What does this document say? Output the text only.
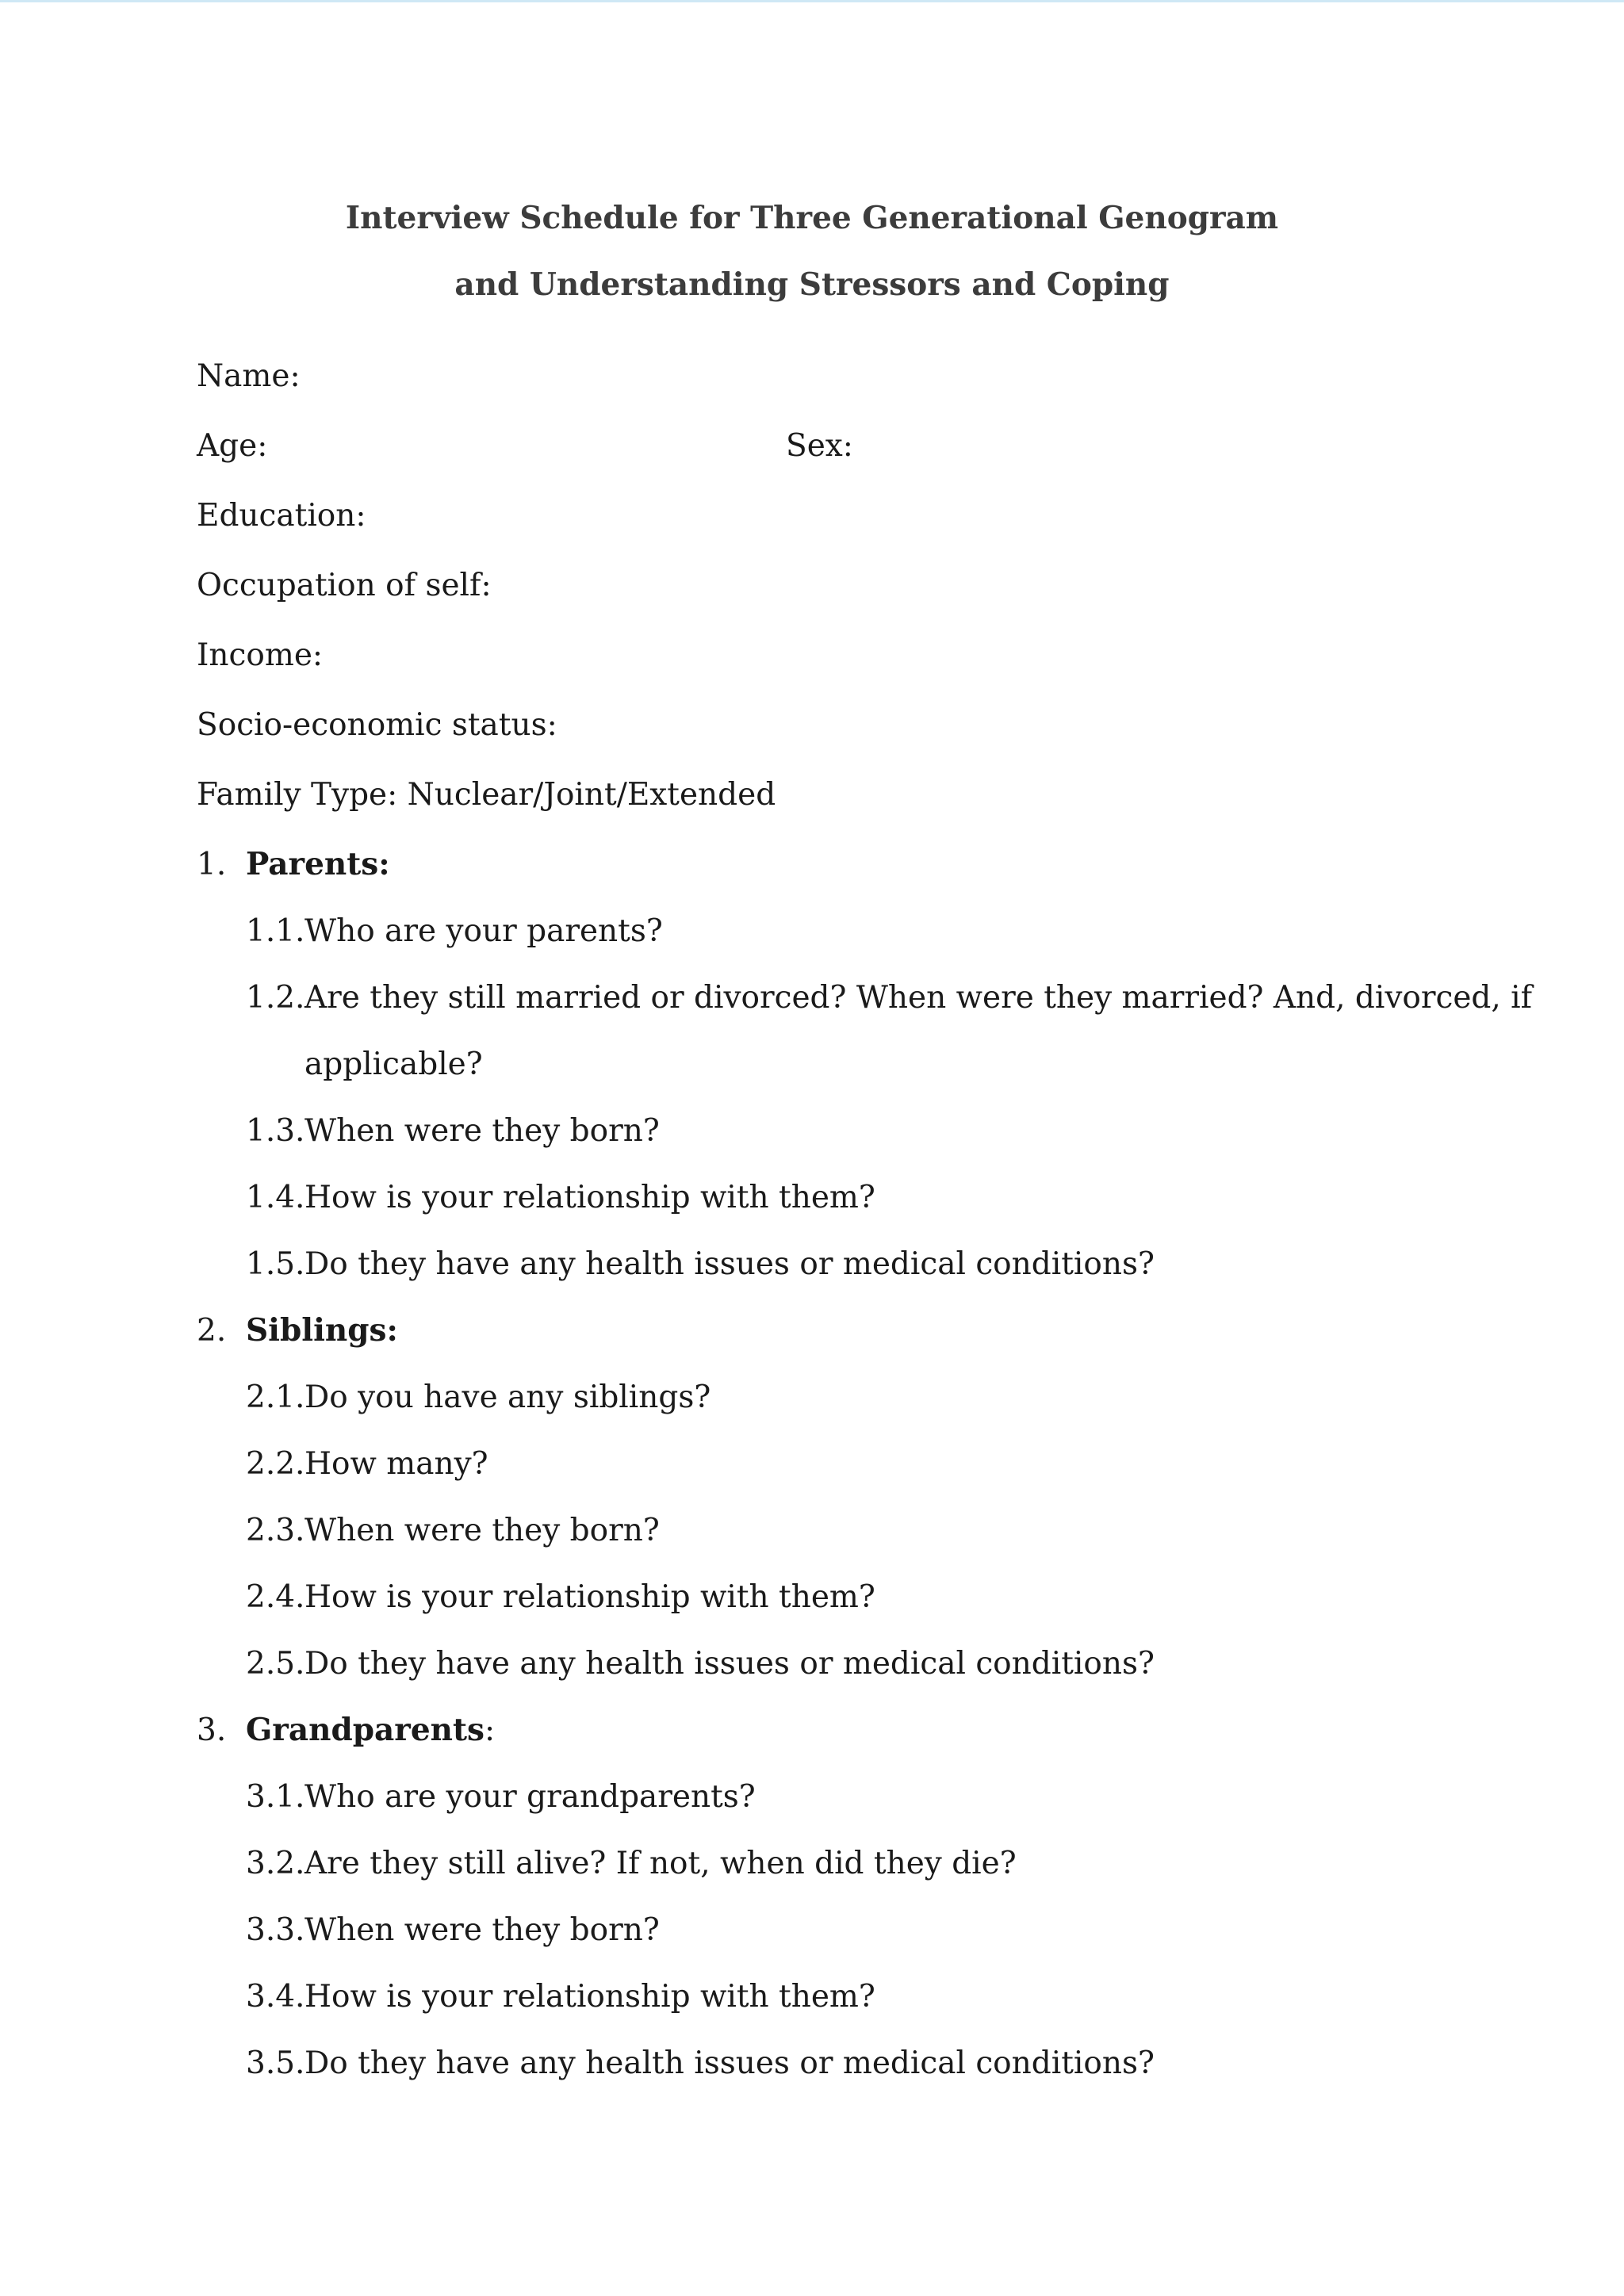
Interview Schedule for Three Generational Genogram
and Understanding Stressors and Coping
Name:
Age:	Sex:
Education:
Occupation of self:
Income:
Socio-economic status:
Family Type: Nuclear/Joint/Extended
1. Parents:
1.1. Who are your parents?
1.2. Are they still married or divorced? When were they married? And, divorced, if
applicable?
1.3. When were they born?
1.4. How is your relationship with them?
1.5. Do they have any health issues or medical conditions?
2. Siblings:
2.1. Do you have any siblings?
2.2. How many?
2.3. When were they born?
2.4. How is your relationship with them?
2.5. Do they have any health issues or medical conditions?
3. Grandparents:
3.1. Who are your grandparents?
3.2. Are they still alive? If not, when did they die?
3.3. When were they born?
3.4. How is your relationship with them?
3.5. Do they have any health issues or medical conditions?
